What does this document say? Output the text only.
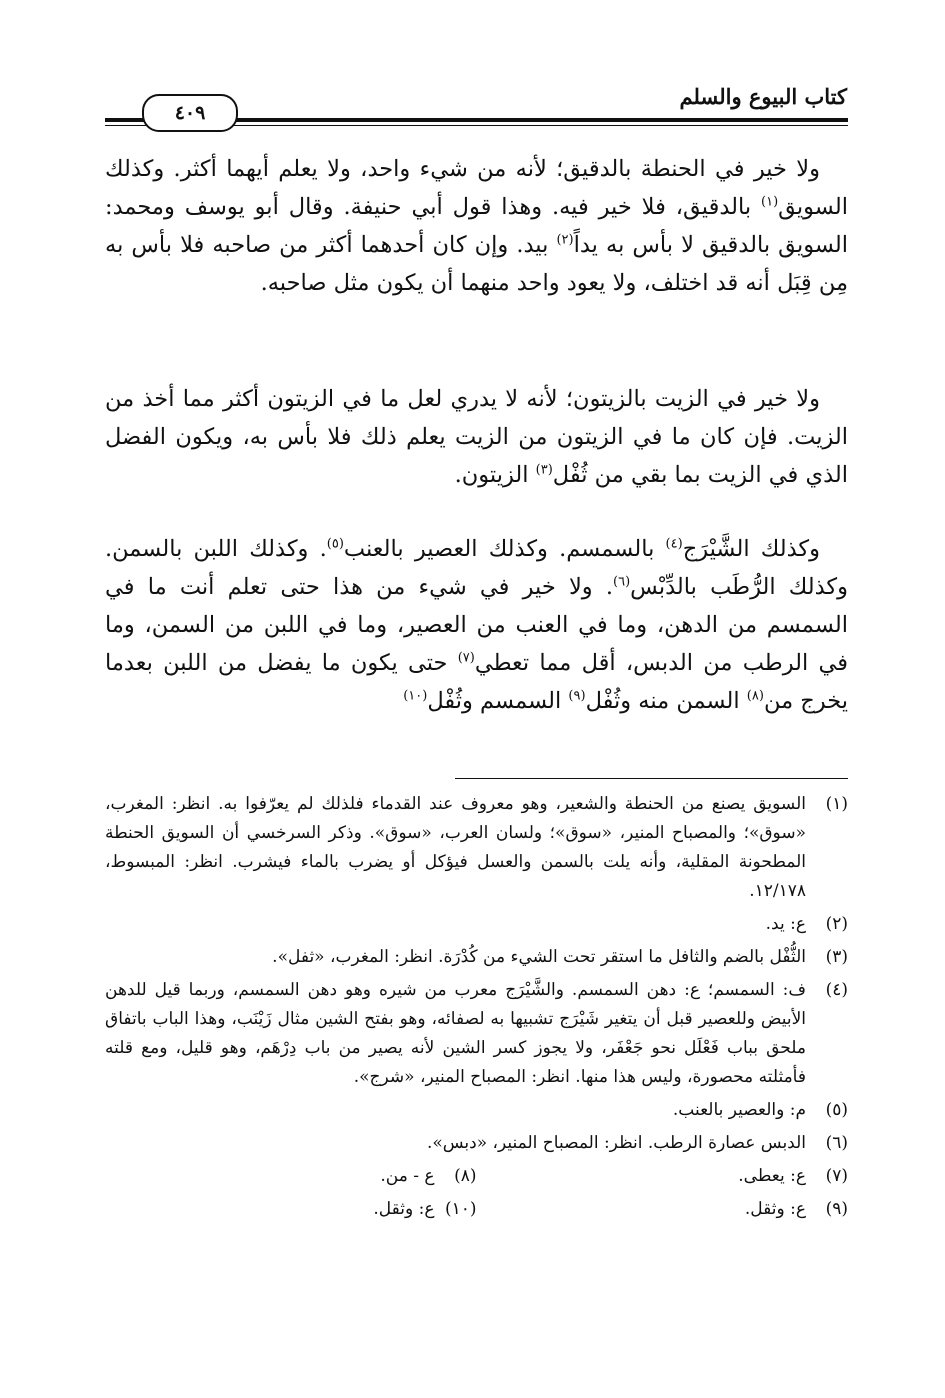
كتاب البيوع والسلم
٤٠٩

ولا خير في الحنطة بالدقيق؛ لأنه من شيء واحد، ولا يعلم أيهما أكثر. وكذلك السويق$^{(١)}$ بالدقيق، فلا خير فيه. وهذا قول أبي حنيفة. وقال أبو يوسف ومحمد: السويق بالدقيق لا بأس به يداً$^{(٢)}$ بيد. وإن كان أحدهما أكثر من صاحبه فلا بأس به مِن قِبَل أنه قد اختلف، ولا يعود واحد منهما أن يكون مثل صاحبه.

ولا خير في الزيت بالزيتون؛ لأنه لا يدري لعل ما في الزيتون أكثر مما أخذ من الزيت. فإن كان ما في الزيتون من الزيت يعلم ذلك فلا بأس به، ويكون الفضل الذي في الزيت بما بقي من ثُفْل$^{(٣)}$ الزيتون.

وكذلك الشَّيْرَج$^{(٤)}$ بالسمسم. وكذلك العصير بالعنب$^{(٥)}$. وكذلك اللبن بالسمن. وكذلك الرُّطَب بالدِّبْس$^{(٦)}$. ولا خير في شيء من هذا حتى تعلم أنت ما في السمسم من الدهن، وما في العنب من العصير، وما في اللبن من السمن، وما في الرطب من الدبس، أقل مما تعطي$^{(٧)}$ حتى يكون ما يفضل من اللبن بعدما يخرج من$^{(٨)}$ السمن منه وثُفْل$^{(٩)}$ السمسم وثُفْل$^{(١٠)}$

(١)
السويق يصنع من الحنطة والشعير، وهو معروف عند القدماء فلذلك لم يعرّفوا به. انظر: المغرب، «سوق»؛ والمصباح المنير، «سوق»؛ ولسان العرب، «سوق». وذكر السرخسي أن السويق الحنطة المطحونة المقلية، وأنه يلت بالسمن والعسل فيؤكل أو يضرب بالماء فيشرب. انظر: المبسوط، ١٢/١٧٨.
(٢)
ع: يد.
(٣)
الثُّفْل بالضم والثافل ما استقر تحت الشيء من كُدْرَة. انظر: المغرب، «ثفل».
(٤)
ف: السمسم؛ ع: دهن السمسم. والشَّيْرَج معرب من شيره وهو دهن السمسم، وربما قيل للدهن الأبيض وللعصير قبل أن يتغير شَيْرَج تشبيها به لصفائه، وهو بفتح الشين مثال زَيْنَب، وهذا الباب باتفاق ملحق بباب فَعْلَل نحو جَعْفَر، ولا يجوز كسر الشين لأنه يصير من باب دِرْهَم، وهو قليل، ومع قلته فأمثلته محصورة، وليس هذا منها. انظر: المصباح المنير، «شرج».
(٥)
م: والعصير بالعنب.
(٦)
الدبس عصارة الرطب. انظر: المصباح المنير، «دبس».
(٧)
ع: يعطى.
(٨)
ع - من.
(٩)
ع: وثقل.
(١٠)
ع: وثقل.
